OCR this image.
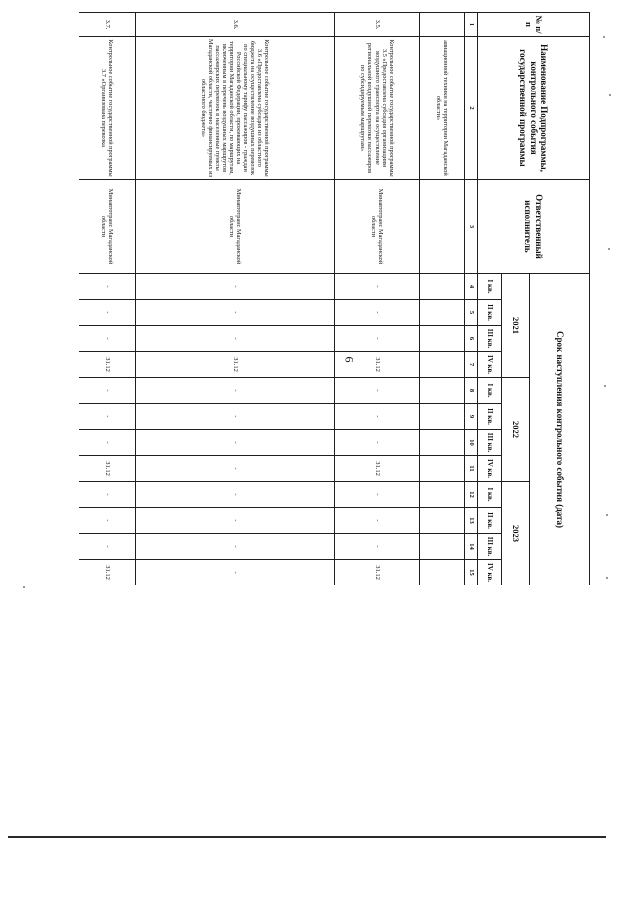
6
№ п/п	Наименование Подпрограммы, контрольного события государственной программы	Ответственный исполнитель	Срок наступления контрольного события (дата)											
			2021				2022				2023			
			I кв.	II кв.	III кв.	IV кв.	I кв.	II кв.	III кв.	IV кв.	I кв.	II кв.	III кв.	IV кв.
1	2	3	4	5	6	7	8	9	10	11	12	13	14	15
	авиационной техники на территории Магаданской области»													
3.5.	Контрольное событие государственной программы 3.5 «Предоставлена субсидия организациям воздушного транспорта на осуществление региональной воздушной перевозки пассажиров по субсидируемым маршрутам»	Минавтотранс Магаданской области	-	-	-	31.12	-	-	-	31.12	-	-	-	31.12
3.6.	Контрольное событие государственной программы 3.6 «Предоставлена субсидия из областного бюджета на осуществление воздушных перевозок по специальному тарифу пассажиров - граждан Российской Федерации, проживающих на территории Магаданской области, по маршрутам, включенным в перечень воздушных маршрутов пассажирских перевозок в населенные пункты Магаданской области, частично финансируемых из областного бюджета»	Минавтотранс Магаданской области	-	-	-	31.12	-	-	-	-	-	-	-	-
3.7.	Контрольное событие государственной программы 3.7 «Организована перевозка	Минавтотранс Магаданской области	-	-	-	31.12	-	-	-	31.12	-	-	-	31.12
